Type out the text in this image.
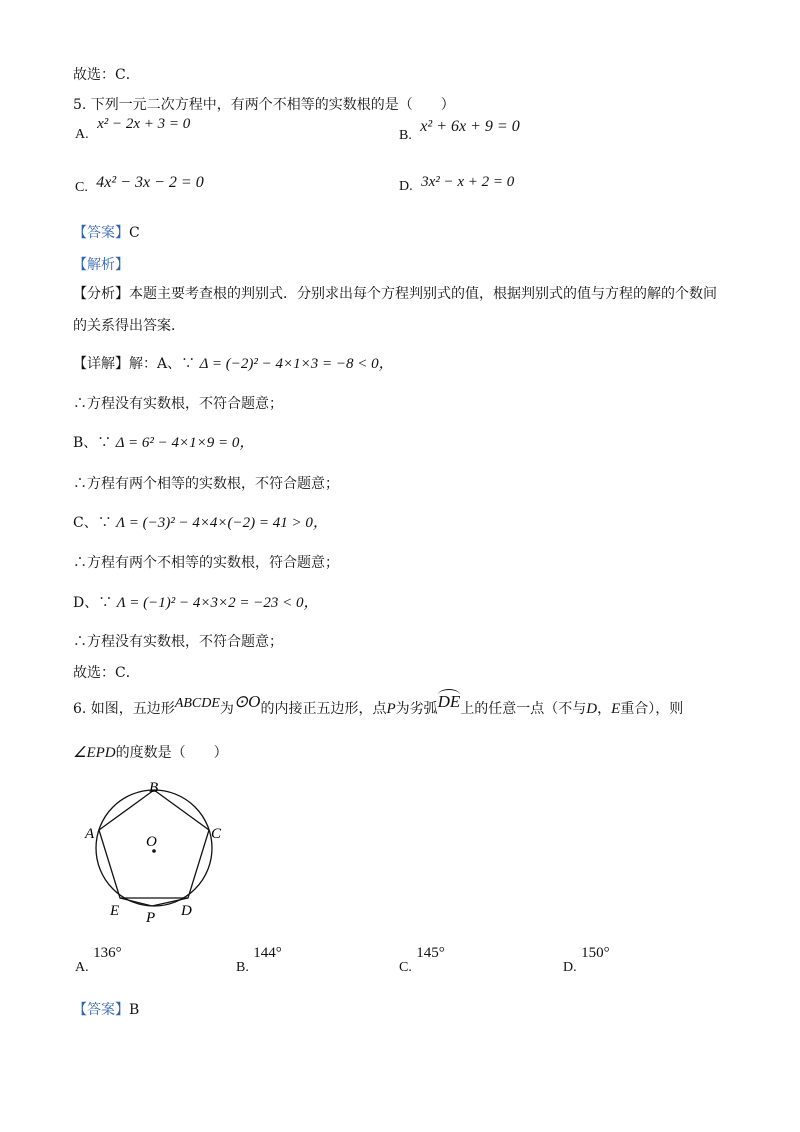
故选：C．
5. 下列一元二次方程中，有两个不相等的实数根的是（　　）
A. x² − 2x + 3 = 0
B. x² + 6x + 9 = 0
C. 4x² − 3x − 2 = 0	D. 3x² − x + 2 = 0
【答案】C
【解析】
【分析】本题主要考查根的判别式．分别求出每个方程判别式的值，根据判别式的值与方程的解的个数间
的关系得出答案．
【详解】解：A、∵ Δ = (−2)² − 4×1×3 = −8 < 0，
∴方程没有实数根，不符合题意；
B、∵ Δ = 6² − 4×1×9 = 0，
∴方程有两个相等的实数根，不符合题意；
C、∵ Λ = (−3)² − 4×4×(−2) = 41 > 0，
∴方程有两个不相等的实数根，符合题意；
D、∵ Λ = (−1)² − 4×3×2 = −23 < 0，
∴方程没有实数根，不符合题意；
故选：C．
6. 如图，五边形ABCDE为⊙O的内接正五边形，点P为劣弧DE上的任意一点（不与D，E重合），则
∠EPD的度数是（　　）
B
C
A	O
E P D
A. 136°
B. 144°
C. 145°
D. 150°
【答案】B
